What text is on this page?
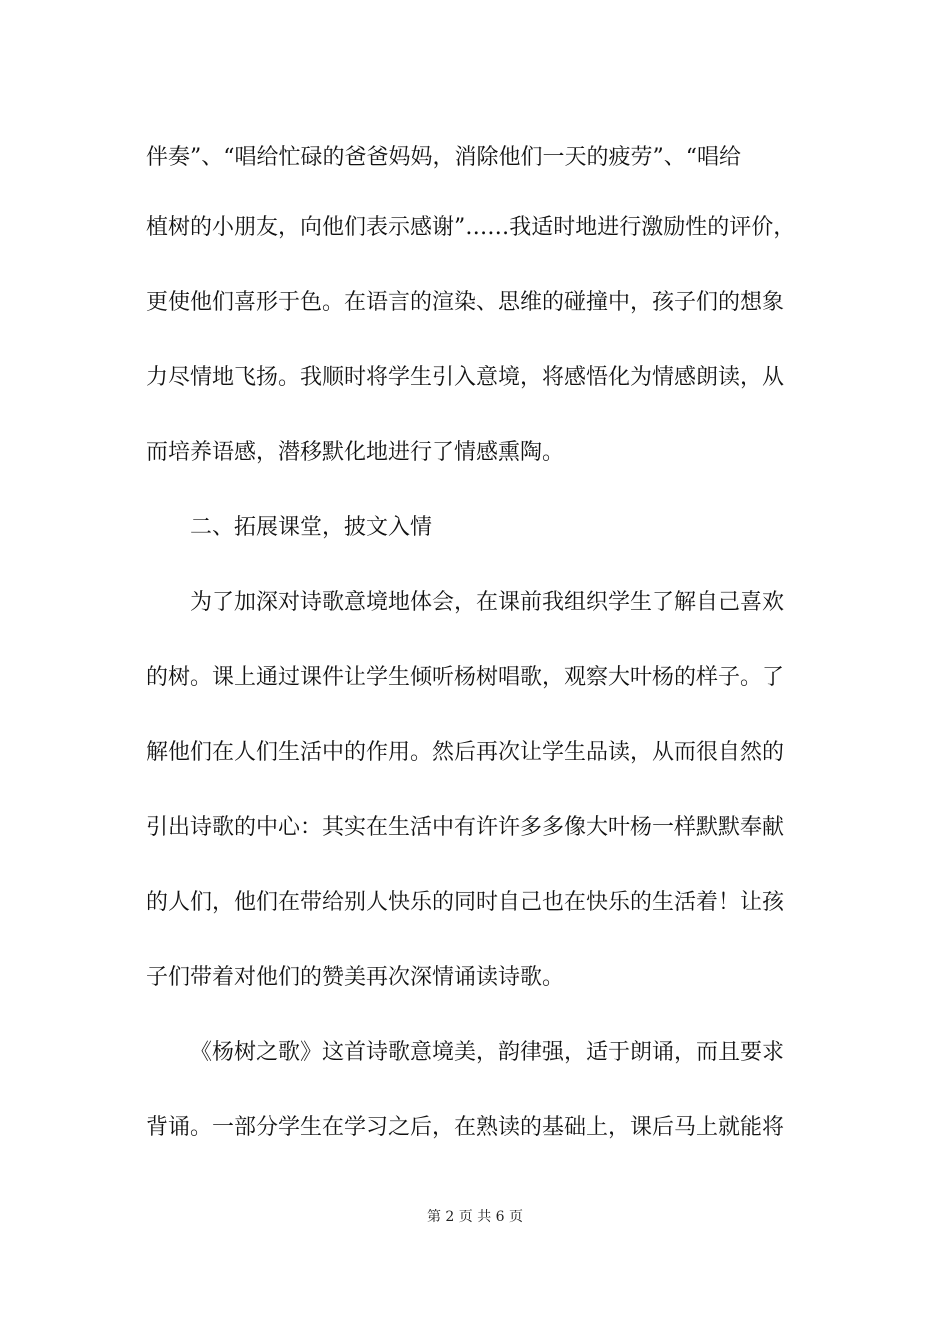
伴奏”、“唱给忙碌的爸爸妈妈，消除他们一天的疲劳”、“唱给
植树的小朋友，向他们表示感谢”……我适时地进行激励性的评价，
更使他们喜形于色。在语言的渲染、思维的碰撞中，孩子们的想象
力尽情地飞扬。我顺时将学生引入意境，将感悟化为情感朗读，从
而培养语感，潜移默化地进行了情感熏陶。
二、拓展课堂，披文入情
为了加深对诗歌意境地体会，在课前我组织学生了解自己喜欢
的树。课上通过课件让学生倾听杨树唱歌，观察大叶杨的样子。了
解他们在人们生活中的作用。然后再次让学生品读，从而很自然的
引出诗歌的中心：其实在生活中有许许多多像大叶杨一样默默奉献
的人们，他们在带给别人快乐的同时自己也在快乐的生活着！让孩
子们带着对他们的赞美再次深情诵读诗歌。
《杨树之歌》这首诗歌意境美，韵律强，适于朗诵，而且要求
背诵。一部分学生在学习之后，在熟读的基础上，课后马上就能将
第 2 页 共 6 页
